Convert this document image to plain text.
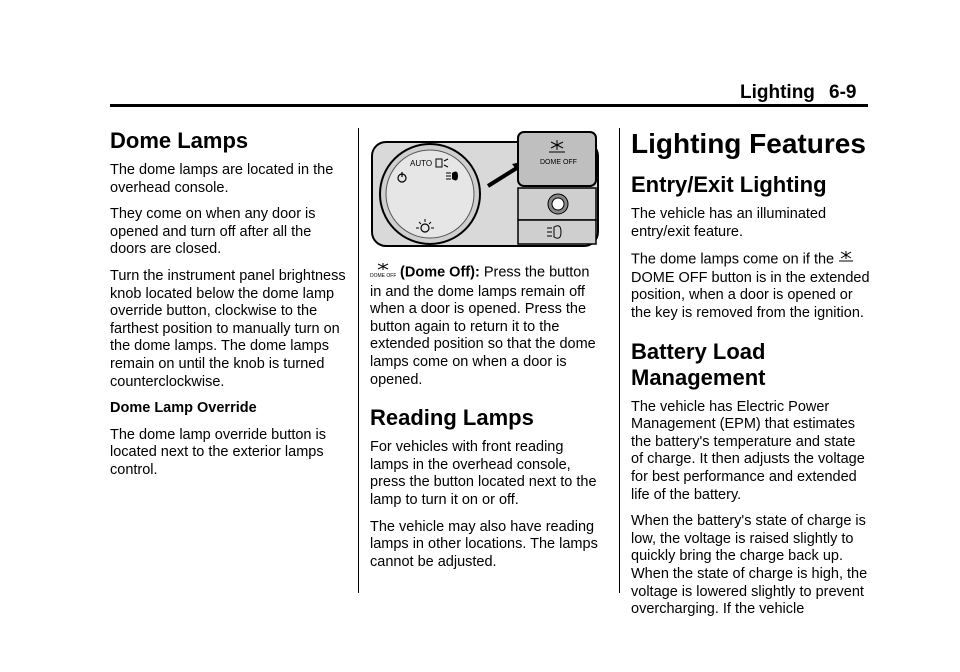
Lighting 6-9
Dome Lamps

The dome lamps are located in the overhead console.

They come on when any door is opened and turn off after all the doors are closed.

Turn the instrument panel brightness knob located below the dome lamp override button, clockwise to the farthest position to manually turn on the dome lamps. The dome lamps remain on until the knob is turned counterclockwise.

Dome Lamp Override

The dome lamp override button is located next to the exterior lamps control.

AUTO	DOME OFF

DOME OFF (Dome Off): Press the button in and the dome lamps remain off when a door is opened. Press the button again to return it to the extended position so that the dome lamps come on when a door is opened.

Reading Lamps

For vehicles with front reading lamps in the overhead console, press the button located next to the lamp to turn it on or off.

The vehicle may also have reading lamps in other locations. The lamps cannot be adjusted.

Lighting Features
Entry/Exit Lighting

The vehicle has an illuminated entry/exit feature.

The dome lamps come on if the
DOME OFF button is in the extended position, when a door is opened or the key is removed from the ignition.

Battery Load Management

The vehicle has Electric Power Management (EPM) that estimates the battery's temperature and state of charge. It then adjusts the voltage for best performance and extended life of the battery.

When the battery's state of charge is low, the voltage is raised slightly to quickly bring the charge back up. When the state of charge is high, the voltage is lowered slightly to prevent overcharging. If the vehicle
